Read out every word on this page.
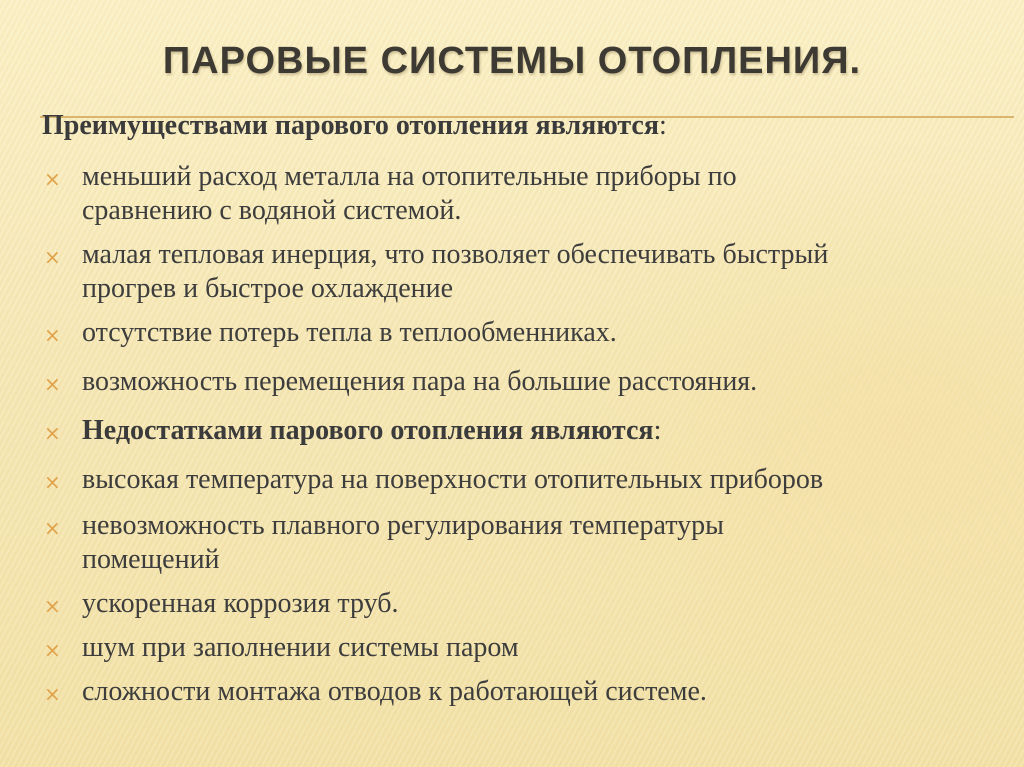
ПАРОВЫЕ СИСТЕМЫ ОТОПЛЕНИЯ.
Преимуществами парового отопления являются:
× меньший расход металла на отопительные приборы по
сравнению с водяной системой.
× малая тепловая инерция, что позволяет обеспечивать быстрый
прогрев и быстрое охлаждение
× отсутствие потерь тепла в теплообменниках.
× возможность перемещения пара на большие расстояния.
× Недостатками парового отопления являются:
× высокая температура на поверхности отопительных приборов
× невозможность плавного регулирования температуры
помещений
× ускоренная коррозия труб.
× шум при заполнении системы паром
× сложности монтажа отводов к работающей системе.
